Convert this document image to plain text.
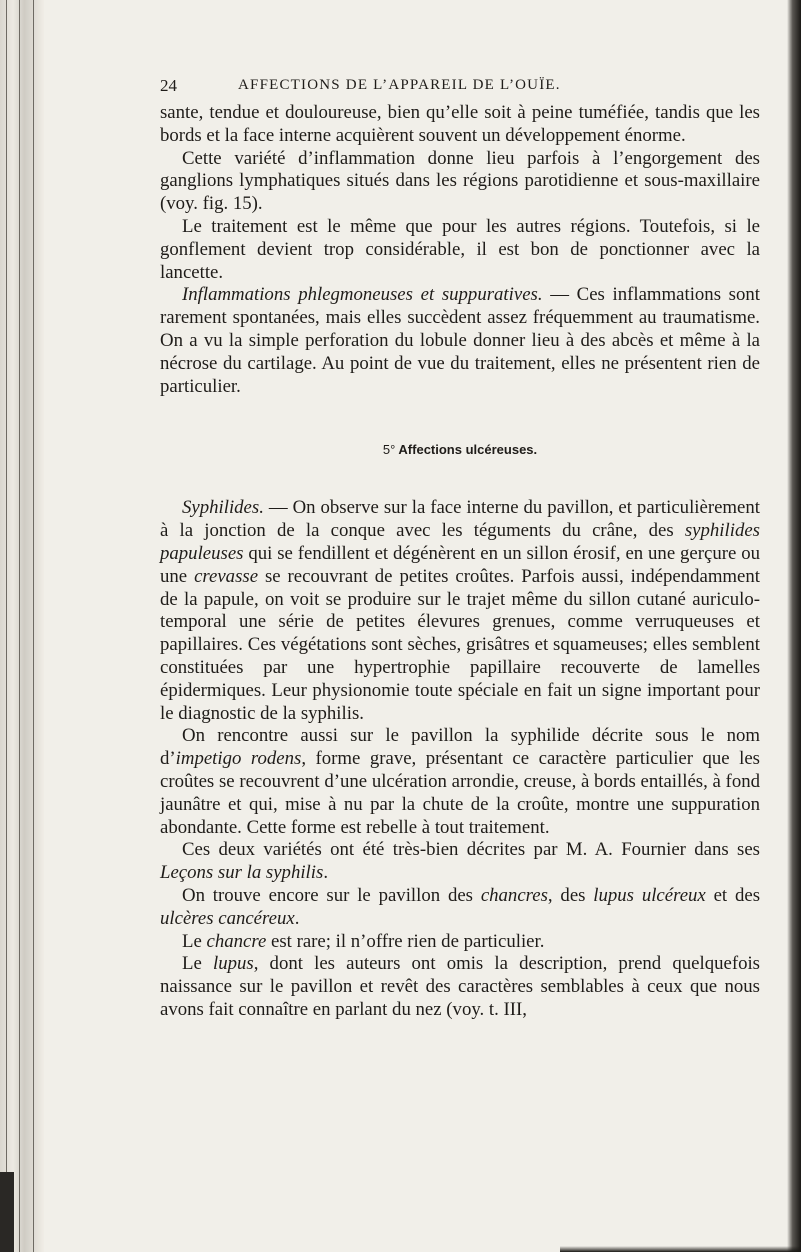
24	AFFECTIONS DE L’APPAREIL DE L’OUÏE.

sante, tendue et douloureuse, bien qu’elle soit à peine tuméfiée, tandis que les bords et la face interne acquièrent souvent un développement énorme.

Cette variété d’inflammation donne lieu parfois à l’engorgement des ganglions lymphatiques situés dans les régions parotidienne et sous-maxillaire (voy. fig. 15).

Le traitement est le même que pour les autres régions. Toutefois, si le gonflement devient trop considérable, il est bon de ponctionner avec la lancette.

Inflammations phlegmoneuses et suppuratives. — Ces inflammations sont rarement spontanées, mais elles succèdent assez fréquemment au traumatisme. On a vu la simple perforation du lobule donner lieu à des abcès et même à la nécrose du cartilage. Au point de vue du traitement, elles ne présentent rien de particulier.

5° Affections ulcéreuses.

Syphilides. — On observe sur la face interne du pavillon, et particulièrement à la jonction de la conque avec les téguments du crâne, des syphilides papuleuses qui se fendillent et dégénèrent en un sillon érosif, en une gerçure ou une crevasse se recouvrant de petites croûtes. Parfois aussi, indépendamment de la papule, on voit se produire sur le trajet même du sillon cutané auriculo-temporal une série de petites élevures grenues, comme verruqueuses et papillaires. Ces végétations sont sèches, grisâtres et squameuses; elles semblent constituées par une hypertrophie papillaire recouverte de lamelles épidermiques. Leur physionomie toute spéciale en fait un signe important pour le diagnostic de la syphilis.

On rencontre aussi sur le pavillon la syphilide décrite sous le nom d’impetigo rodens, forme grave, présentant ce caractère particulier que les croûtes se recouvrent d’une ulcération arrondie, creuse, à bords entaillés, à fond jaunâtre et qui, mise à nu par la chute de la croûte, montre une suppuration abondante. Cette forme est rebelle à tout traitement.

Ces deux variétés ont été très-bien décrites par M. A. Fournier dans ses Leçons sur la syphilis.

On trouve encore sur le pavillon des chancres, des lupus ulcéreux et des ulcères cancéreux.

Le chancre est rare; il n’offre rien de particulier.

Le lupus, dont les auteurs ont omis la description, prend quelquefois naissance sur le pavillon et revêt des caractères semblables à ceux que nous avons fait connaître en parlant du nez (voy. t. III,
